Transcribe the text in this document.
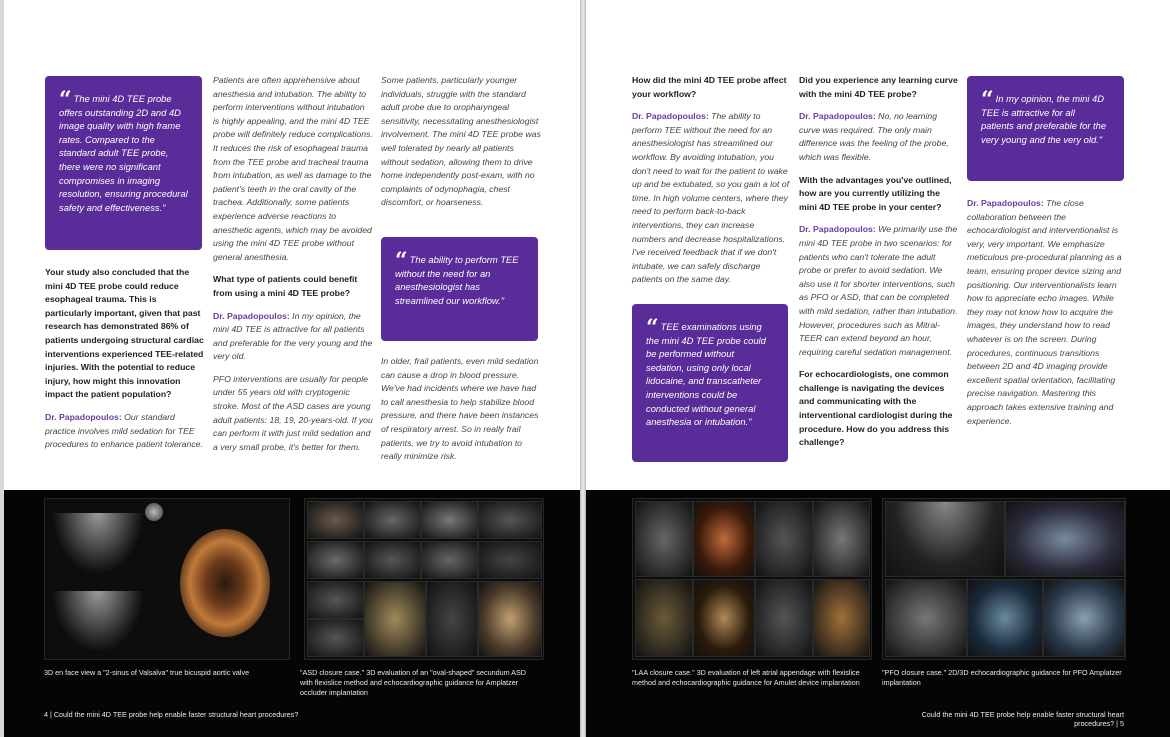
“ The mini 4D TEE probe offers outstanding 2D and 4D image quality with high frame rates. Compared to the standard adult TEE probe, there were no significant compromises in imaging resolution, ensuring procedural safety and effectiveness."

Your study also concluded that the mini 4D TEE probe could reduce esophageal trauma. This is particularly important, given that past research has demonstrated 86% of patients undergoing structural cardiac interventions experienced TEE-related injuries. With the potential to reduce injury, how might this innovation impact the patient population?

Dr. Papadopoulos: Our standard practice involves mild sedation for TEE procedures to enhance patient tolerance.

Patients are often apprehensive about anesthesia and intubation. The ability to perform interventions without intubation is highly appealing, and the mini 4D TEE probe will definitely reduce complications. It reduces the risk of esophageal trauma from the TEE probe and tracheal trauma from intubation, as well as damage to the patient's teeth in the oral cavity of the trachea. Additionally, some patients experience adverse reactions to anesthetic agents, which may be avoided using the mini 4D TEE probe without general anesthesia.

What type of patients could benefit from using a mini 4D TEE probe?

Dr. Papadopoulos: In my opinion, the mini 4D TEE is attractive for all patients and preferable for the very young and the very old.

PFO interventions are usually for people under 55 years old with cryptogenic stroke. Most of the ASD cases are young adult patients: 18, 19, 20-years-old. If you can perform it with just mild sedation and a very small probe, it's better for them.

Some patients, particularly younger individuals, struggle with the standard adult probe due to oropharyngeal sensitivity, necessitating anesthesiologist involvement. The mini 4D TEE probe was well tolerated by nearly all patients without sedation, allowing them to drive home independently post-exam, with no complaints of odynophagia, chest discomfort, or hoarseness.

“ The ability to perform TEE without the need for an anesthesiologist has streamlined our workflow."

In older, frail patients, even mild sedation can cause a drop in blood pressure. We've had incidents where we have had to call anesthesia to help stabilize blood pressure, and there have been instances of respiratory arrest. So in really frail patients, we try to avoid intubation to really minimize risk.

3D en face view a "2-sinus of Valsalva" true bicuspid aortic valve	"ASD closure case." 3D evaluation of an "oval-shaped" secundum ASD with flexislice method and echocardiographic guidance for Amplatzer occluder implantation
4 | Could the mini 4D TEE probe help enable faster structural heart procedures?

How did the mini 4D TEE probe affect your workflow?

Dr. Papadopoulos: The ability to perform TEE without the need for an anesthesiologist has streamlined our workflow. By avoiding intubation, you don't need to wait for the patient to wake up and be extubated, so you gain a lot of time. In high volume centers, where they need to perform back-to-back interventions, they can increase numbers and decrease hospitalizations. I've received feedback that if we don't intubate, we can safely discharge patients on the same day.

“ TEE examinations using the mini 4D TEE probe could be performed without sedation, using only local lidocaine, and transcatheter interventions could be conducted without general anesthesia or intubation."

Did you experience any learning curve with the mini 4D TEE probe?

Dr. Papadopoulos: No, no learning curve was required. The only main difference was the feeling of the probe, which was flexible.

With the advantages you've outlined, how are you currently utilizing the mini 4D TEE probe in your center?

Dr. Papadopoulos: We primarily use the mini 4D TEE probe in two scenarios: for patients who can't tolerate the adult probe or prefer to avoid sedation. We also use it for shorter interventions, such as PFO or ASD, that can be completed with mild sedation, rather than intubation. However, procedures such as Mitral-TEER can extend beyond an hour, requiring careful sedation management.

For echocardiologists, one common challenge is navigating the devices and communicating with the interventional cardiologist during the procedure. How do you address this challenge?

“ In my opinion, the mini 4D TEE is attractive for all patients and preferable for the very young and the very old."

Dr. Papadopoulos: The close collaboration between the echocardiologist and interventionalist is very, very important. We emphasize meticulous pre-procedural planning as a team, ensuring proper device sizing and positioning. Our interventionalists learn how to appreciate echo images. While they may not know how to acquire the images, they understand how to read whatever is on the screen. During procedures, continuous transitions between 2D and 4D imaging provide excellent spatial orientation, facilitating precise navigation. Mastering this approach takes extensive training and experience.

"LAA closure case." 3D evaluation of left atrial appendage with flexislice method and echocardiographic guidance for Amulet device implantation
"PFO closure case." 2D/3D echocardiographic guidance for PFO Amplatzer implantation
Could the mini 4D TEE probe help enable faster structural heart procedures? | 5
